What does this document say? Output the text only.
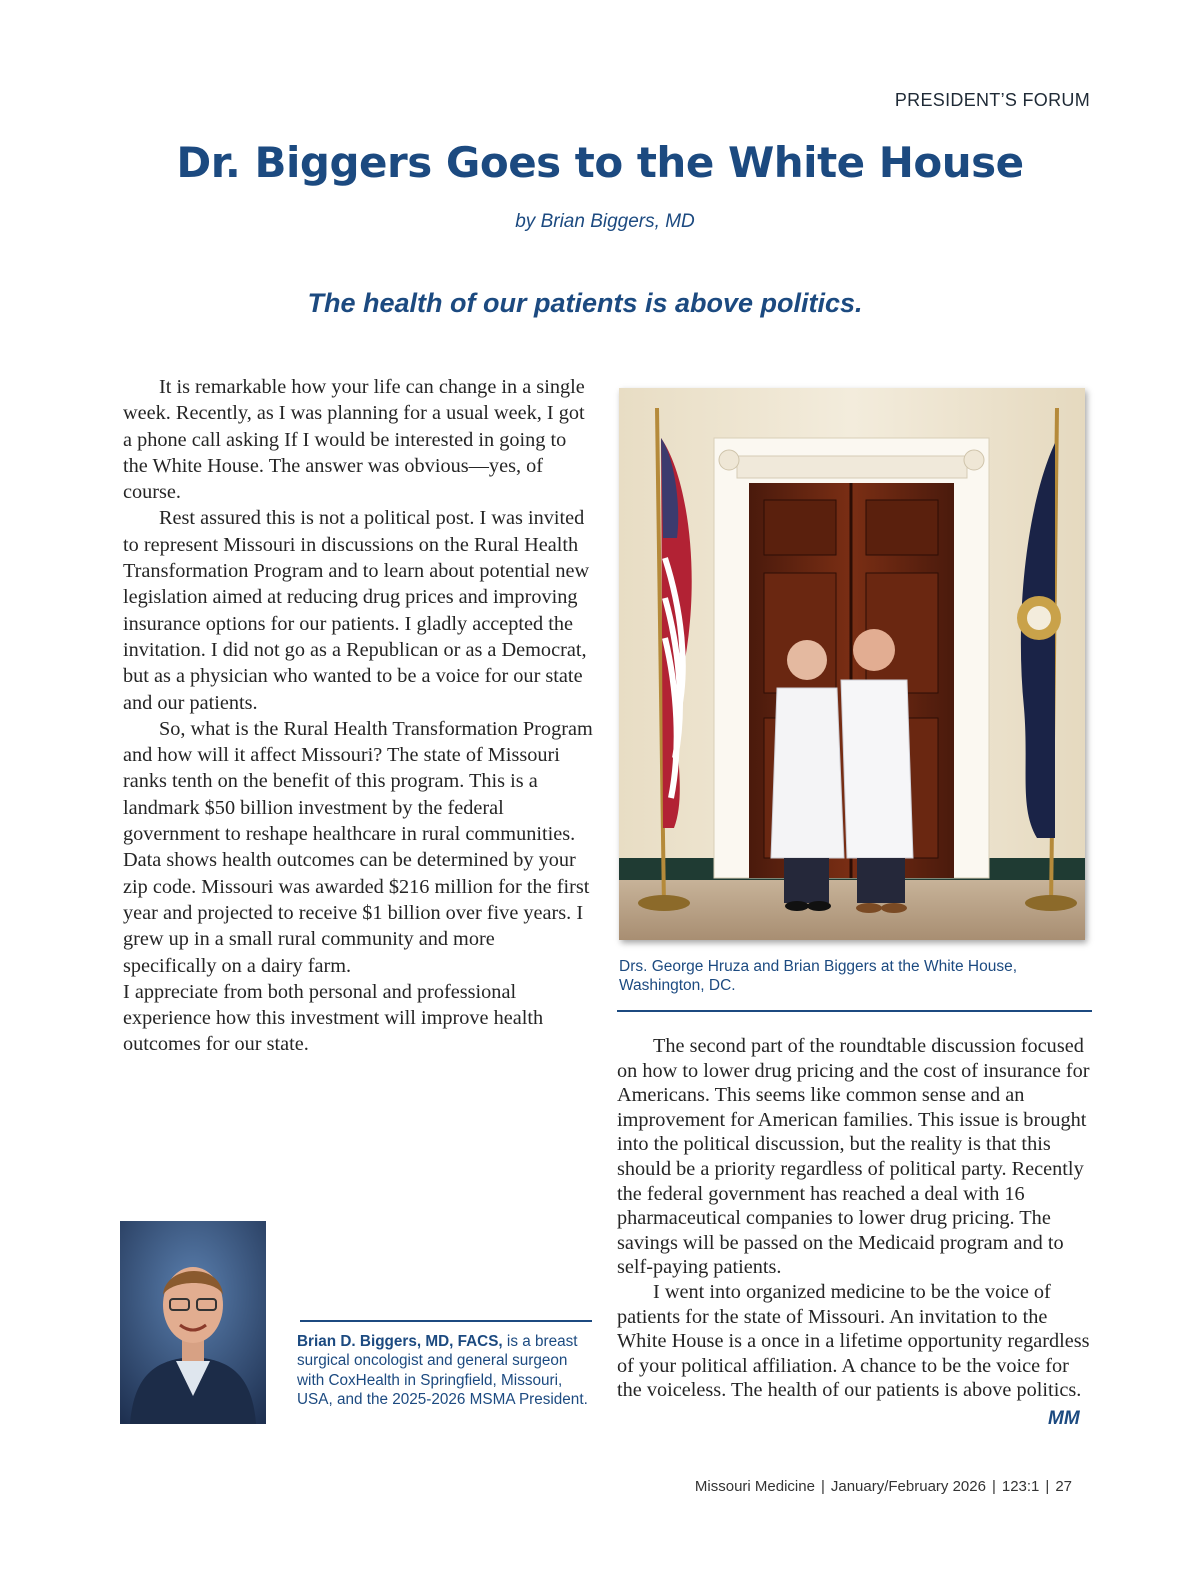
PRESIDENT’S FORUM
Dr. Biggers Goes to the White House
by Brian Biggers, MD
The health of our patients is above politics.

It is remarkable how your life can change in a single week. Recently, as I was planning for a usual week, I got a phone call asking If I would be interested in going to the White House. The answer was obvious—yes, of course.

Rest assured this is not a political post. I was invited to represent Missouri in discussions on the Rural Health Transformation Program and to learn about potential new legislation aimed at reducing drug prices and improving insurance options for our patients. I gladly accepted the invitation. I did not go as a Republican or as a Democrat, but as a physician who wanted to be a voice for our state and our patients.

So, what is the Rural Health Transformation Program and how will it affect Missouri? The state of Missouri ranks tenth on the benefit of this program. This is a landmark $50 billion investment by the federal government to reshape healthcare in rural communities. Data shows health outcomes can be determined by your zip code. Missouri was awarded $216 million for the first year and projected to receive $1 billion over five years. I grew up in a small rural community and more specifically on a dairy farm.

I appreciate from both personal and professional experience how this investment will improve health outcomes for our state.

Drs. George Hruza and Brian Biggers at the White House, Washington, DC.

The second part of the roundtable discussion focused on how to lower drug pricing and the cost of insurance for Americans. This seems like common sense and an improvement for American families. This issue is brought into the political discussion, but the reality is that this should be a priority regardless of political party. Recently the federal government has reached a deal with 16 pharmaceutical companies to lower drug pricing. The savings will be passed on the Medicaid program and to self-paying patients.

I went into organized medicine to be the voice of patients for the state of Missouri. An invitation to the White House is a once in a lifetime opportunity regardless of your political affiliation. A chance to be the voice for the voiceless. The health of our patients is above politics.

MM
Brian D. Biggers, MD, FACS, is a breast surgical oncologist and general surgeon with CoxHealth in Springfield, Missouri, USA, and the 2025-2026 MSMA President.
Missouri Medicine | January/February 2026 | 123:1 | 27
